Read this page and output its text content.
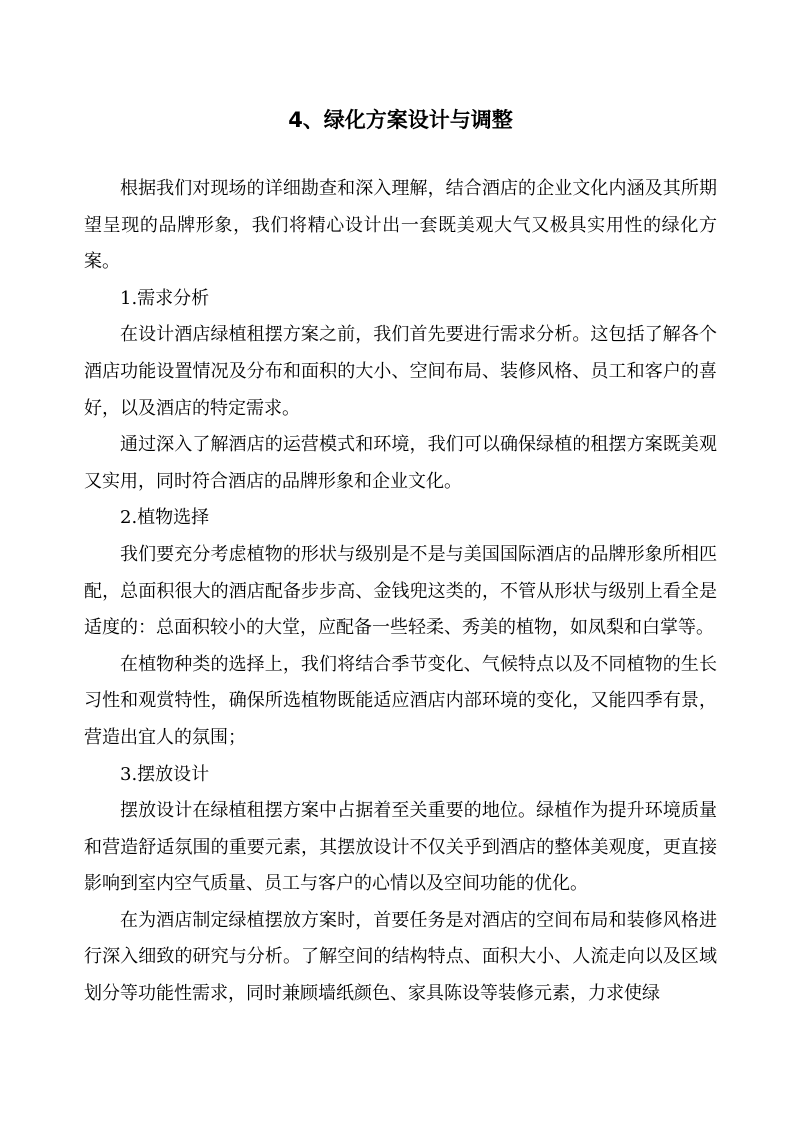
4、绿化方案设计与调整

根据我们对现场的详细勘查和深入理解，结合酒店的企业文化内涵及其所期望呈现的品牌形象，我们将精心设计出一套既美观大气又极具实用性的绿化方案。

1.需求分析

在设计酒店绿植租摆方案之前，我们首先要进行需求分析。这包括了解各个酒店功能设置情况及分布和面积的大小、空间布局、装修风格、员工和客户的喜好，以及酒店的特定需求。

通过深入了解酒店的运营模式和环境，我们可以确保绿植的租摆方案既美观又实用，同时符合酒店的品牌形象和企业文化。

2.植物选择

我们要充分考虑植物的形状与级别是不是与美国国际酒店的品牌形象所相匹配，总面积很大的酒店配备步步高、金钱兜这类的，不管从形状与级别上看全是适度的：总面积较小的大堂，应配备一些轻柔、秀美的植物，如凤梨和白掌等。

在植物种类的选择上，我们将结合季节变化、气候特点以及不同植物的生长习性和观赏特性，确保所选植物既能适应酒店内部环境的变化，又能四季有景，营造出宜人的氛围；

3.摆放设计

摆放设计在绿植租摆方案中占据着至关重要的地位。绿植作为提升环境质量和营造舒适氛围的重要元素，其摆放设计不仅关乎到酒店的整体美观度，更直接影响到室内空气质量、员工与客户的心情以及空间功能的优化。

在为酒店制定绿植摆放方案时，首要任务是对酒店的空间布局和装修风格进行深入细致的研究与分析。了解空间的结构特点、面积大小、人流走向以及区域划分等功能性需求，同时兼顾墙纸颜色、家具陈设等装修元素，力求使绿
